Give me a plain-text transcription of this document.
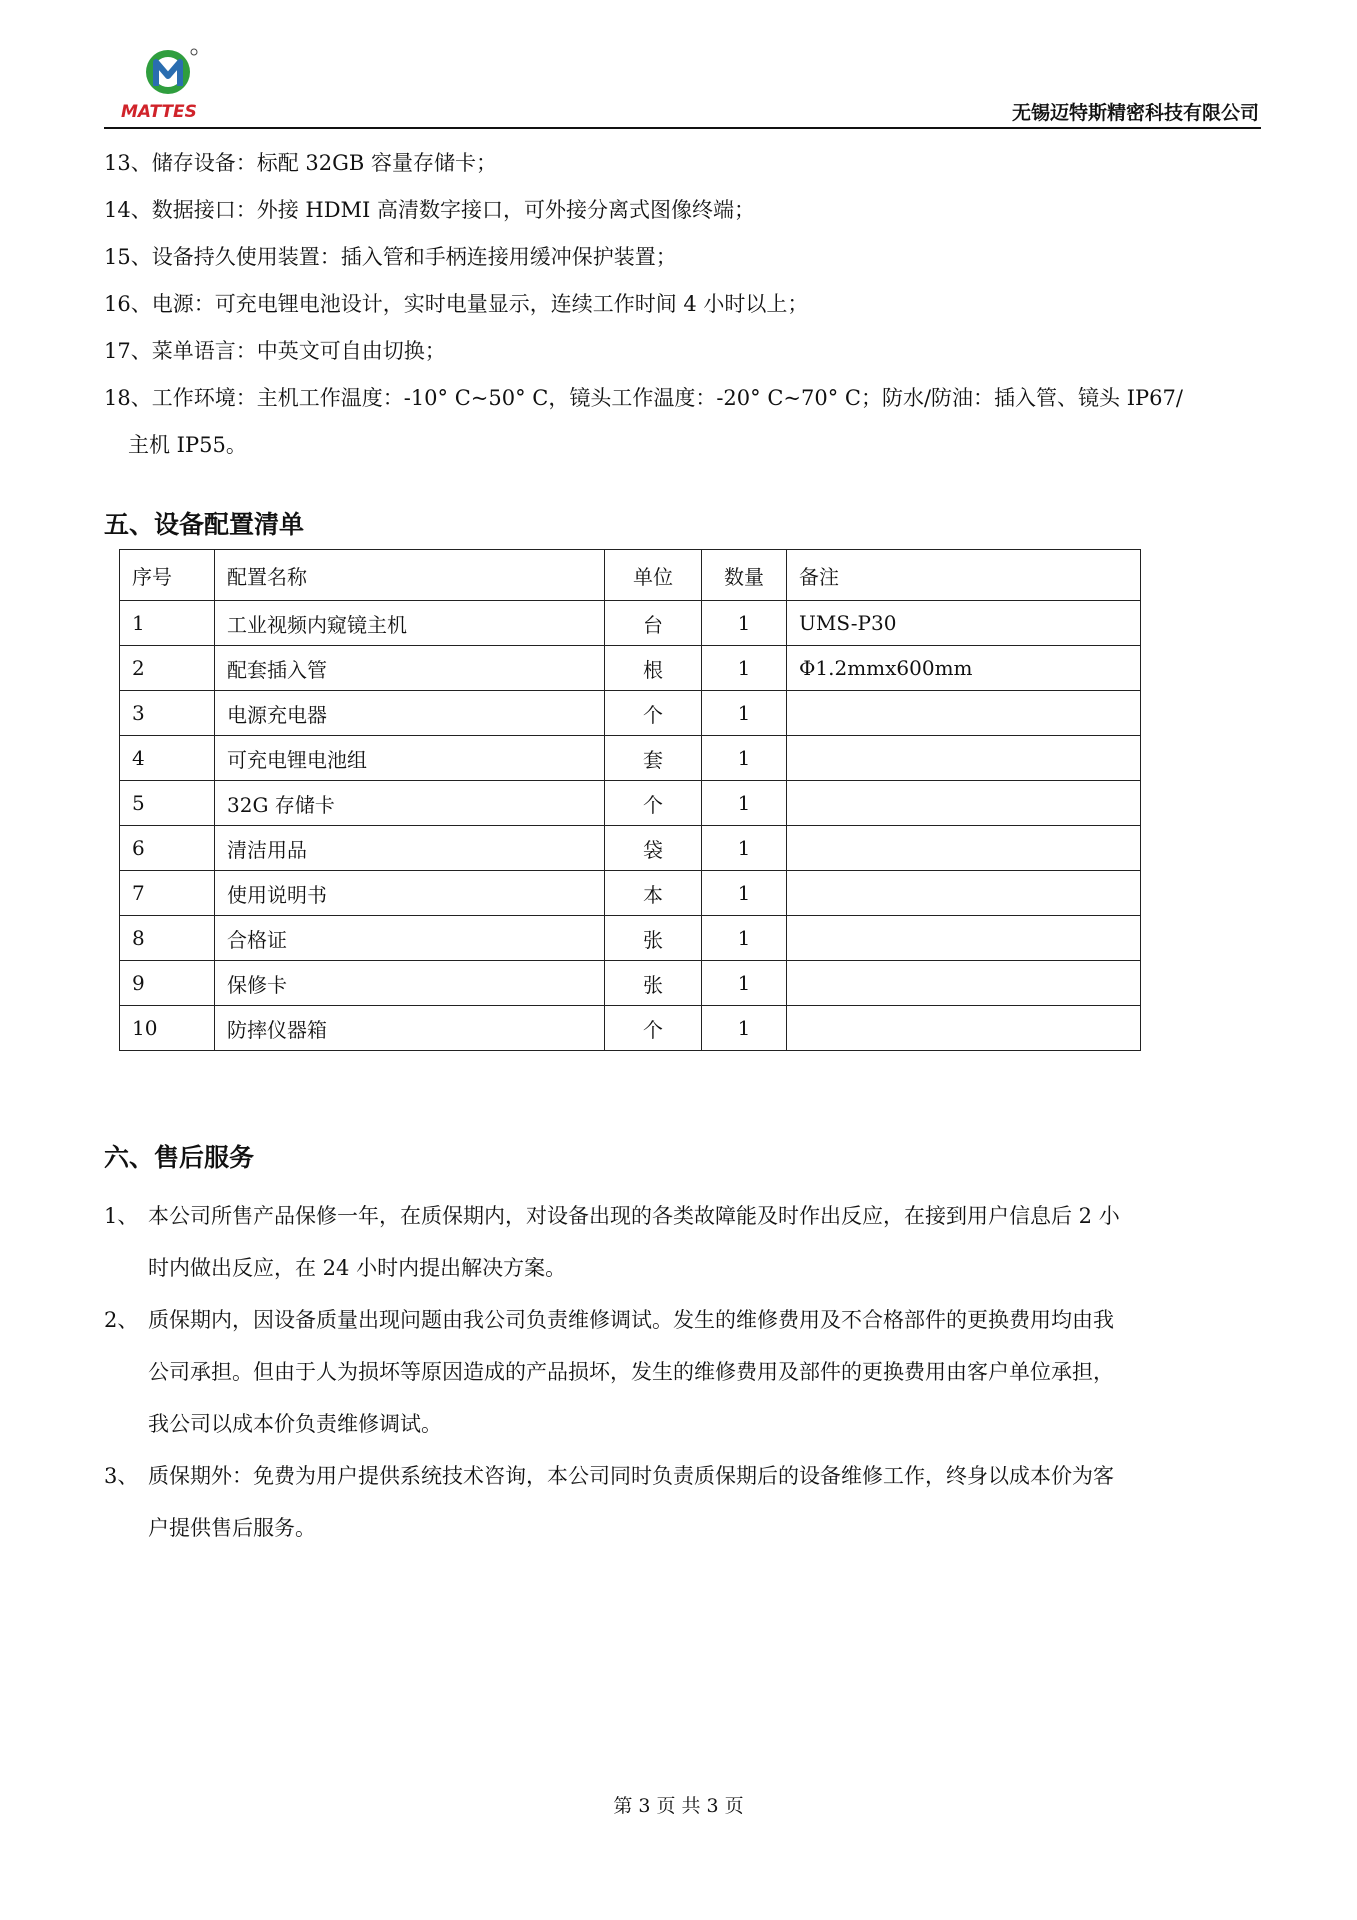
MATTES	无锡迈特斯精密科技有限公司
13、储存设备：标配 32GB 容量存储卡；
14、数据接口：外接 HDMI 高清数字接口，可外接分离式图像终端；
15、设备持久使用装置：插入管和手柄连接用缓冲保护装置；
16、电源：可充电锂电池设计，实时电量显示，连续工作时间 4 小时以上；
17、菜单语言：中英文可自由切换；
18、工作环境：主机工作温度：-10° C~50° C，镜头工作温度：-20° C~70° C；防水/防油：插入管、镜头 IP67/
主机 IP55。
五、设备配置清单
序号	配置名称	单位	数量	备注
1	工业视频内窥镜主机	台	1	UMS-P30
2	配套插入管	根	1	Φ1.2mmx600mm
3	电源充电器	个	1	
4	可充电锂电池组	套	1	
5	32G 存储卡	个	1	
6	清洁用品	袋	1	
7	使用说明书	本	1	
8	合格证	张	1	
9	保修卡	张	1	
10	防摔仪器箱	个	1	
六、售后服务
1、 本公司所售产品保修一年，在质保期内，对设备出现的各类故障能及时作出反应，在接到用户信息后 2 小
时内做出反应，在 24 小时内提出解决方案。
2、 质保期内，因设备质量出现问题由我公司负责维修调试。发生的维修费用及不合格部件的更换费用均由我
公司承担。但由于人为损坏等原因造成的产品损坏，发生的维修费用及部件的更换费用由客户单位承担，
我公司以成本价负责维修调试。
3、 质保期外：免费为用户提供系统技术咨询，本公司同时负责质保期后的设备维修工作，终身以成本价为客
户提供售后服务。
第 3 页 共 3 页
